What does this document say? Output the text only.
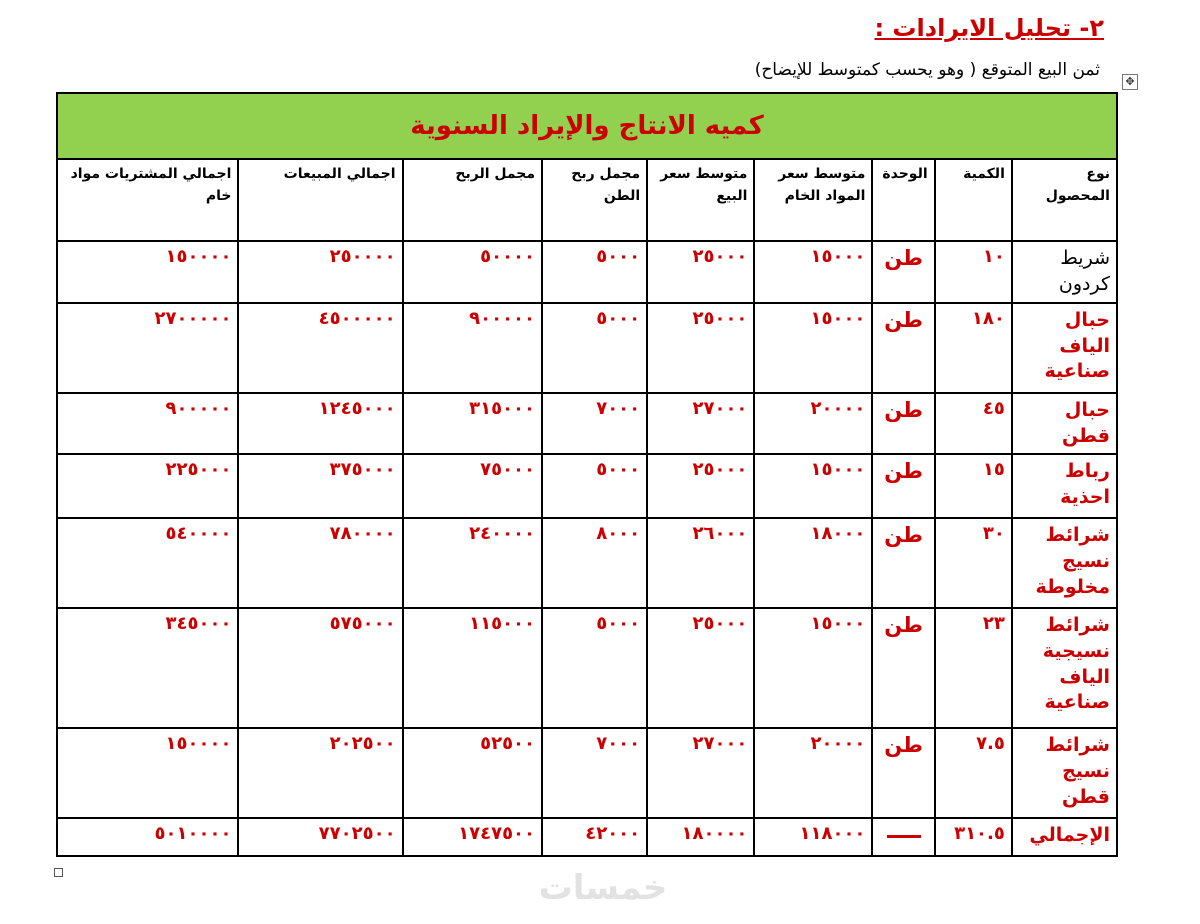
٢- تحليل الايرادات :
ثمن البيع المتوقع ( وهو يحسب كمتوسط للإيضاح)
✥
كميه الانتاج والإيراد السنوية								
نوع المحصول	الكمية	الوحدة	متوسط سعر المواد الخام	متوسط سعر البيع	مجمل ربح الطن	مجمل الربح	اجمالي المبيعات	اجمالي المشتريات مواد خام
شريط كردون	١٠	طن	١٥٠٠٠	٢٥٠٠٠	٥٠٠٠	٥٠٠٠٠	٢٥٠٠٠٠	١٥٠٠٠٠
حبال الياف صناعية	١٨٠	طن	١٥٠٠٠	٢٥٠٠٠	٥٠٠٠	٩٠٠٠٠٠	٤٥٠٠٠٠٠	٢٧٠٠٠٠٠
حبال قطن	٤٥	طن	٢٠٠٠٠	٢٧٠٠٠	٧٠٠٠	٣١٥٠٠٠	١٢٤٥٠٠٠	٩٠٠٠٠٠
رباط احذية	١٥	طن	١٥٠٠٠	٢٥٠٠٠	٥٠٠٠	٧٥٠٠٠	٣٧٥٠٠٠	٢٢٥٠٠٠
شرائط نسيج مخلوطة	٣٠	طن	١٨٠٠٠	٢٦٠٠٠	٨٠٠٠	٢٤٠٠٠٠	٧٨٠٠٠٠	٥٤٠٠٠٠
شرائط نسيجية الياف صناعية	٢٣	طن	١٥٠٠٠	٢٥٠٠٠	٥٠٠٠	١١٥٠٠٠	٥٧٥٠٠٠	٣٤٥٠٠٠
شرائط نسيج قطن	٧.٥	طن	٢٠٠٠٠	٢٧٠٠٠	٧٠٠٠	٥٢٥٠٠	٢٠٢٥٠٠	١٥٠٠٠٠
الإجمالي	٣١٠.٥		١١٨٠٠٠	١٨٠٠٠٠	٤٢٠٠٠	١٧٤٧٥٠٠	٧٧٠٢٥٠٠	٥٠١٠٠٠٠
خمسات
